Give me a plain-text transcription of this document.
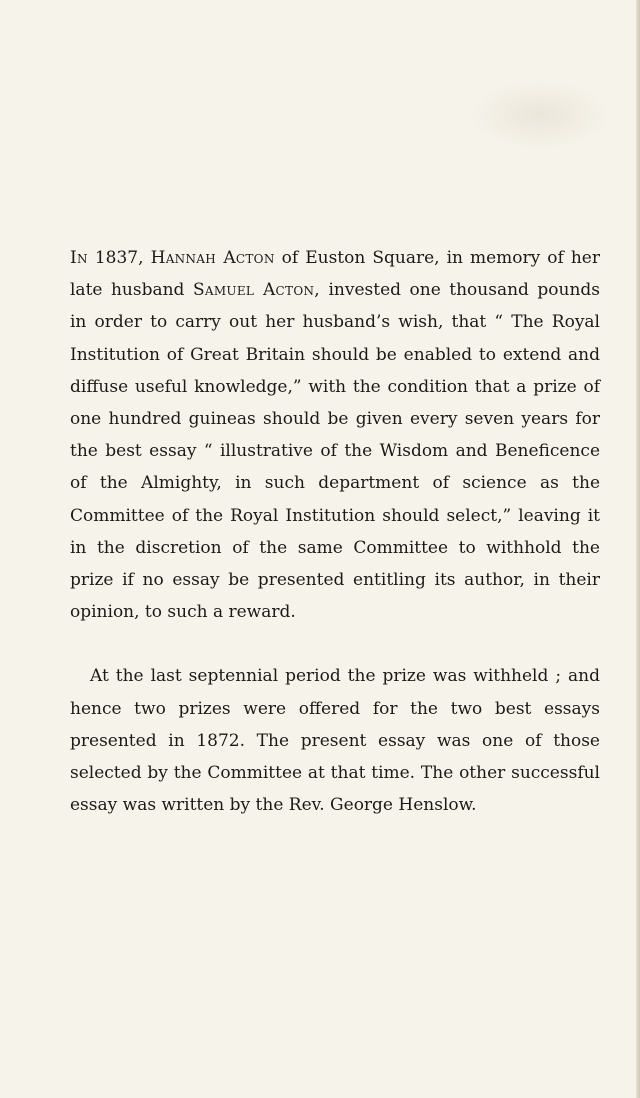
In 1837, Hannah Acton of Euston Square, in memory of her late husband Samuel Acton, invested one thousand pounds in order to carry out her husband’s wish, that “ The Royal Institution of Great Britain should be enabled to extend and diffuse useful knowledge,” with the condition that a prize of one hundred guineas should be given every seven years for the best essay “ illustrative of the Wisdom and Beneficence of the Almighty, in such department of science as the Committee of the Royal Institution should select,” leaving it in the discretion of the same Committee to withhold the prize if no essay be presented entitling its author, in their opinion, to such a reward.

At the last septennial period the prize was withheld ; and hence two prizes were offered for the two best essays presented in 1872. The present essay was one of those selected by the Committee at that time. The other successful essay was written by the Rev. George Henslow.
